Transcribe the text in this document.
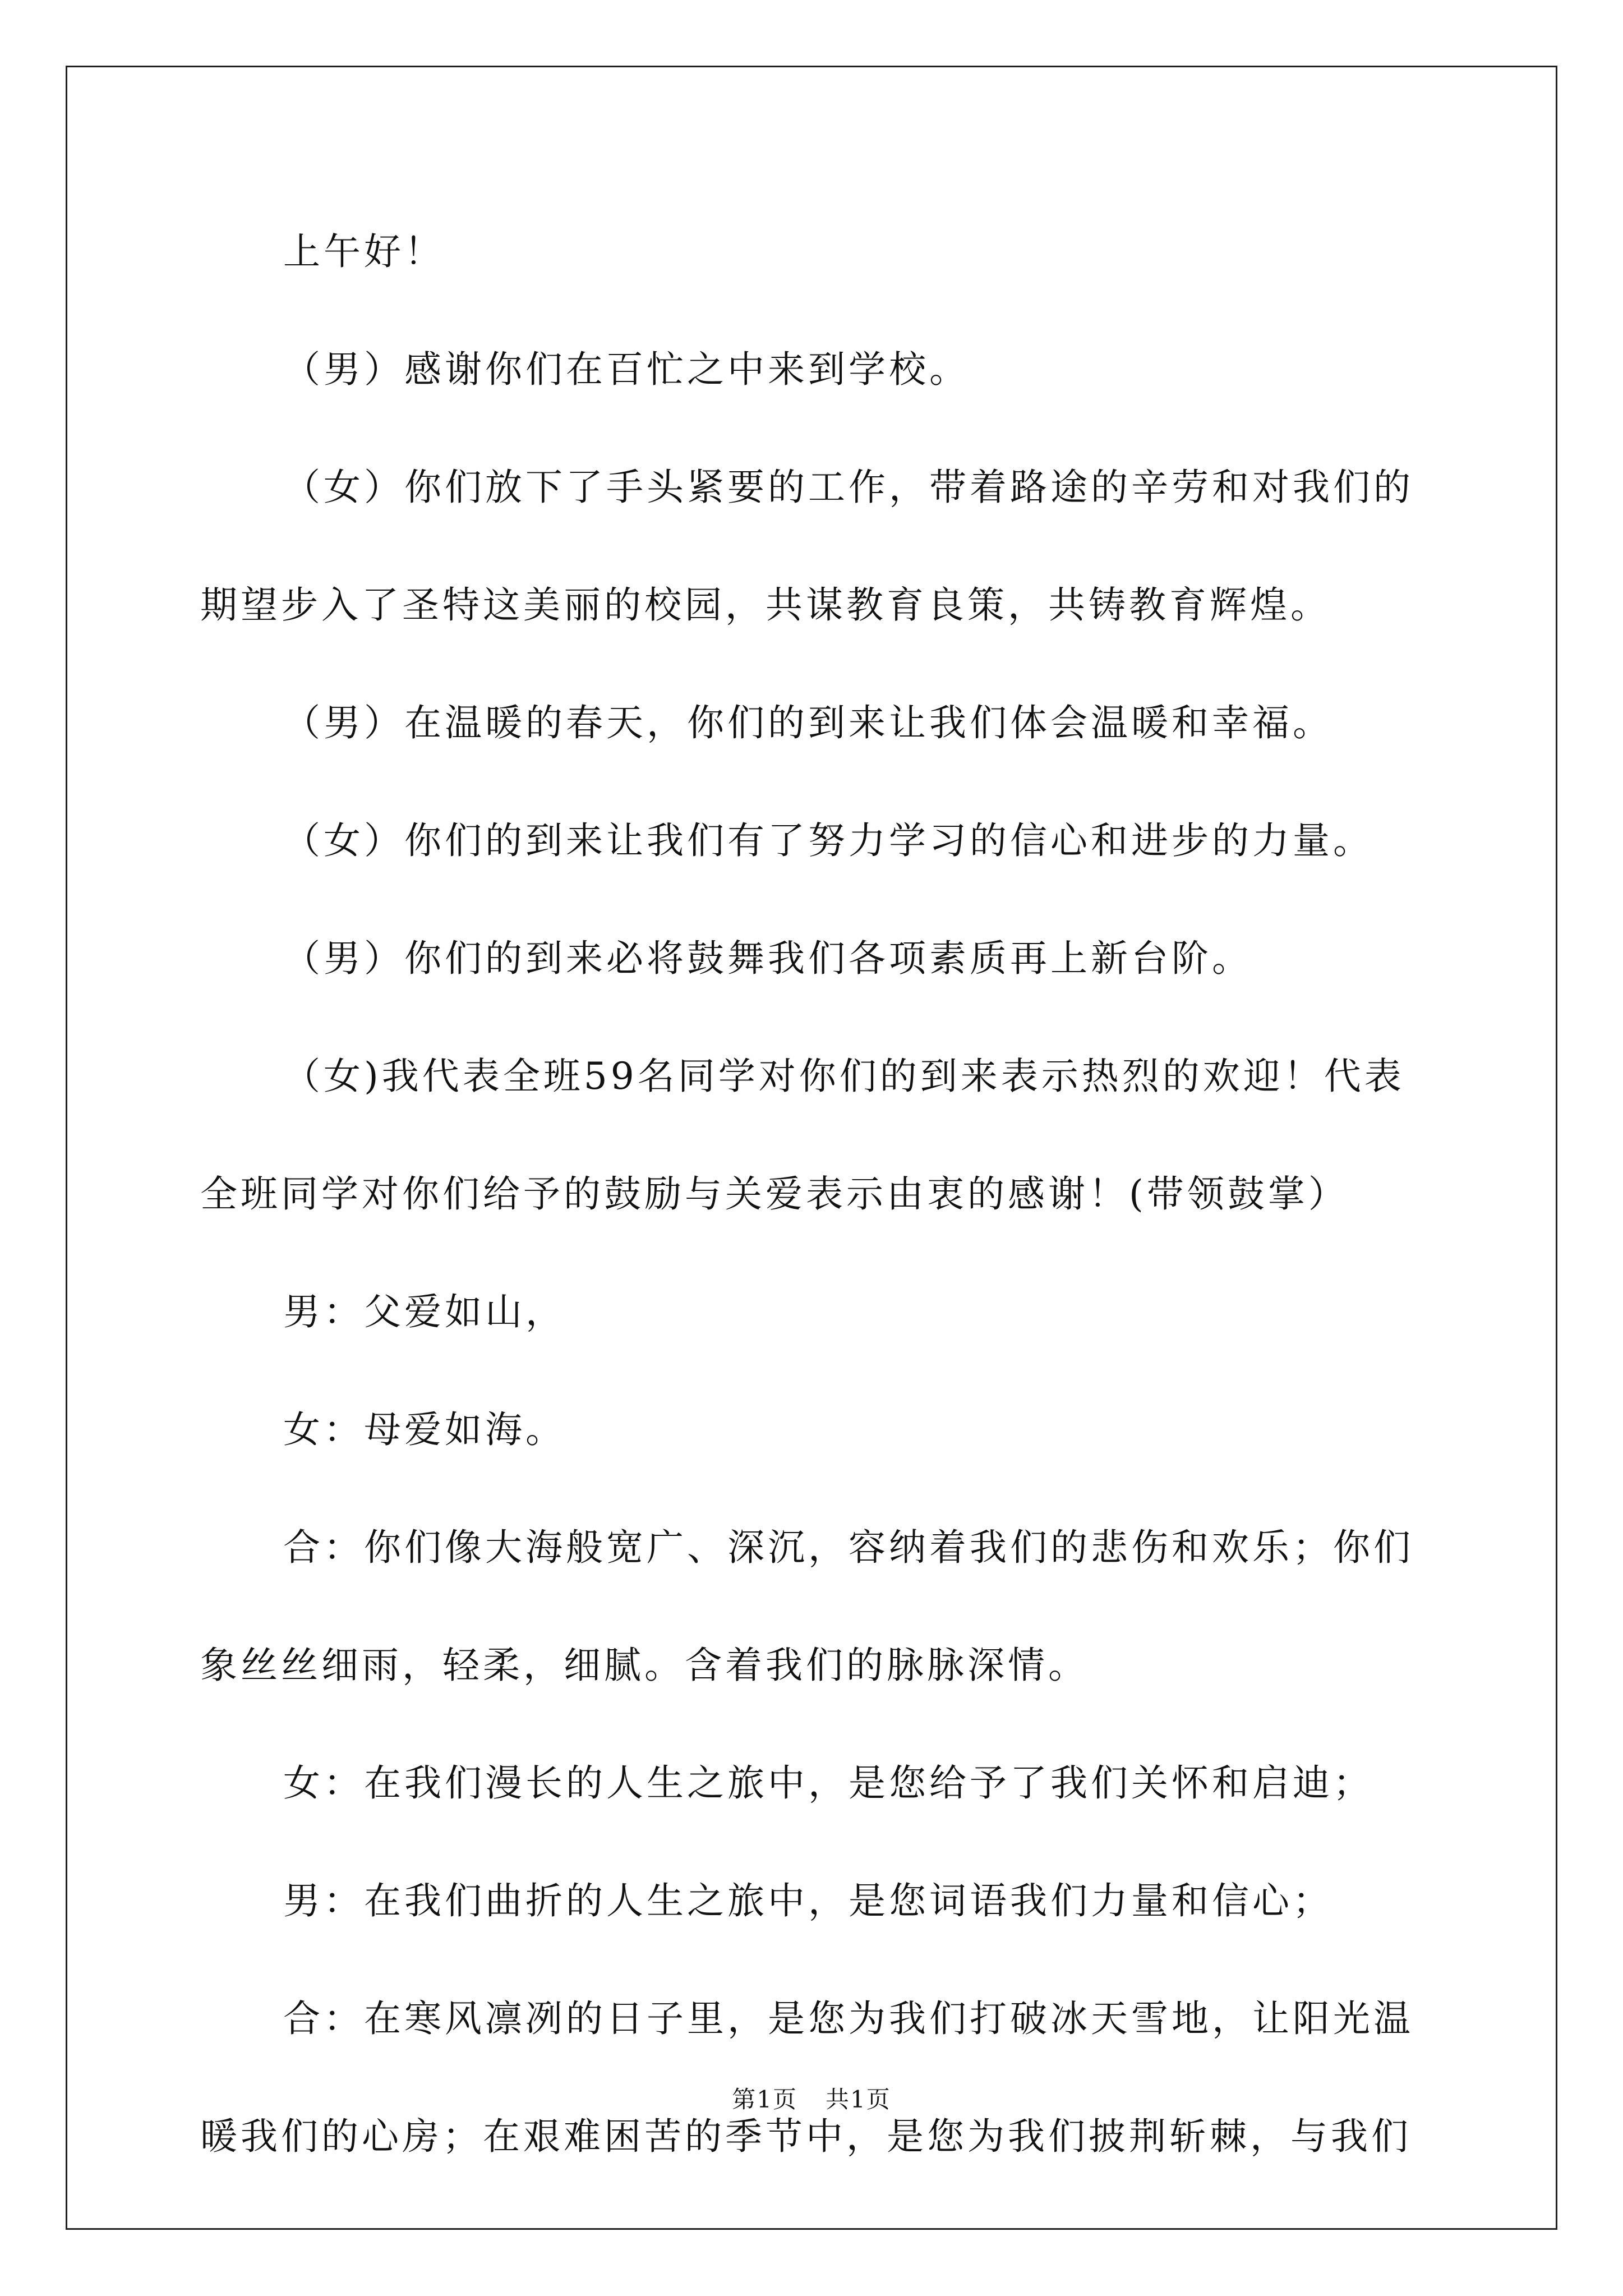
上午好！
（男）感谢你们在百忙之中来到学校。
（女）你们放下了手头紧要的工作，带着路途的辛劳和对我们的
期望步入了圣特这美丽的校园，共谋教育良策，共铸教育辉煌。
（男）在温暖的春天，你们的到来让我们体会温暖和幸福。
（女）你们的到来让我们有了努力学习的信心和进步的力量。
（男）你们的到来必将鼓舞我们各项素质再上新台阶。
（女)我代表全班59名同学对你们的到来表示热烈的欢迎！代表
全班同学对你们给予的鼓励与关爱表示由衷的感谢！(带领鼓掌）
男：父爱如山，
女：母爱如海。
合：你们像大海般宽广、深沉，容纳着我们的悲伤和欢乐；你们
象丝丝细雨，轻柔，细腻。含着我们的脉脉深情。
女：在我们漫长的人生之旅中，是您给予了我们关怀和启迪；
男：在我们曲折的人生之旅中，是您词语我们力量和信心；
合：在寒风凛冽的日子里，是您为我们打破冰天雪地，让阳光温
暖我们的心房；在艰难困苦的季节中，是您为我们披荆斩棘，与我们
第1页 共1页
